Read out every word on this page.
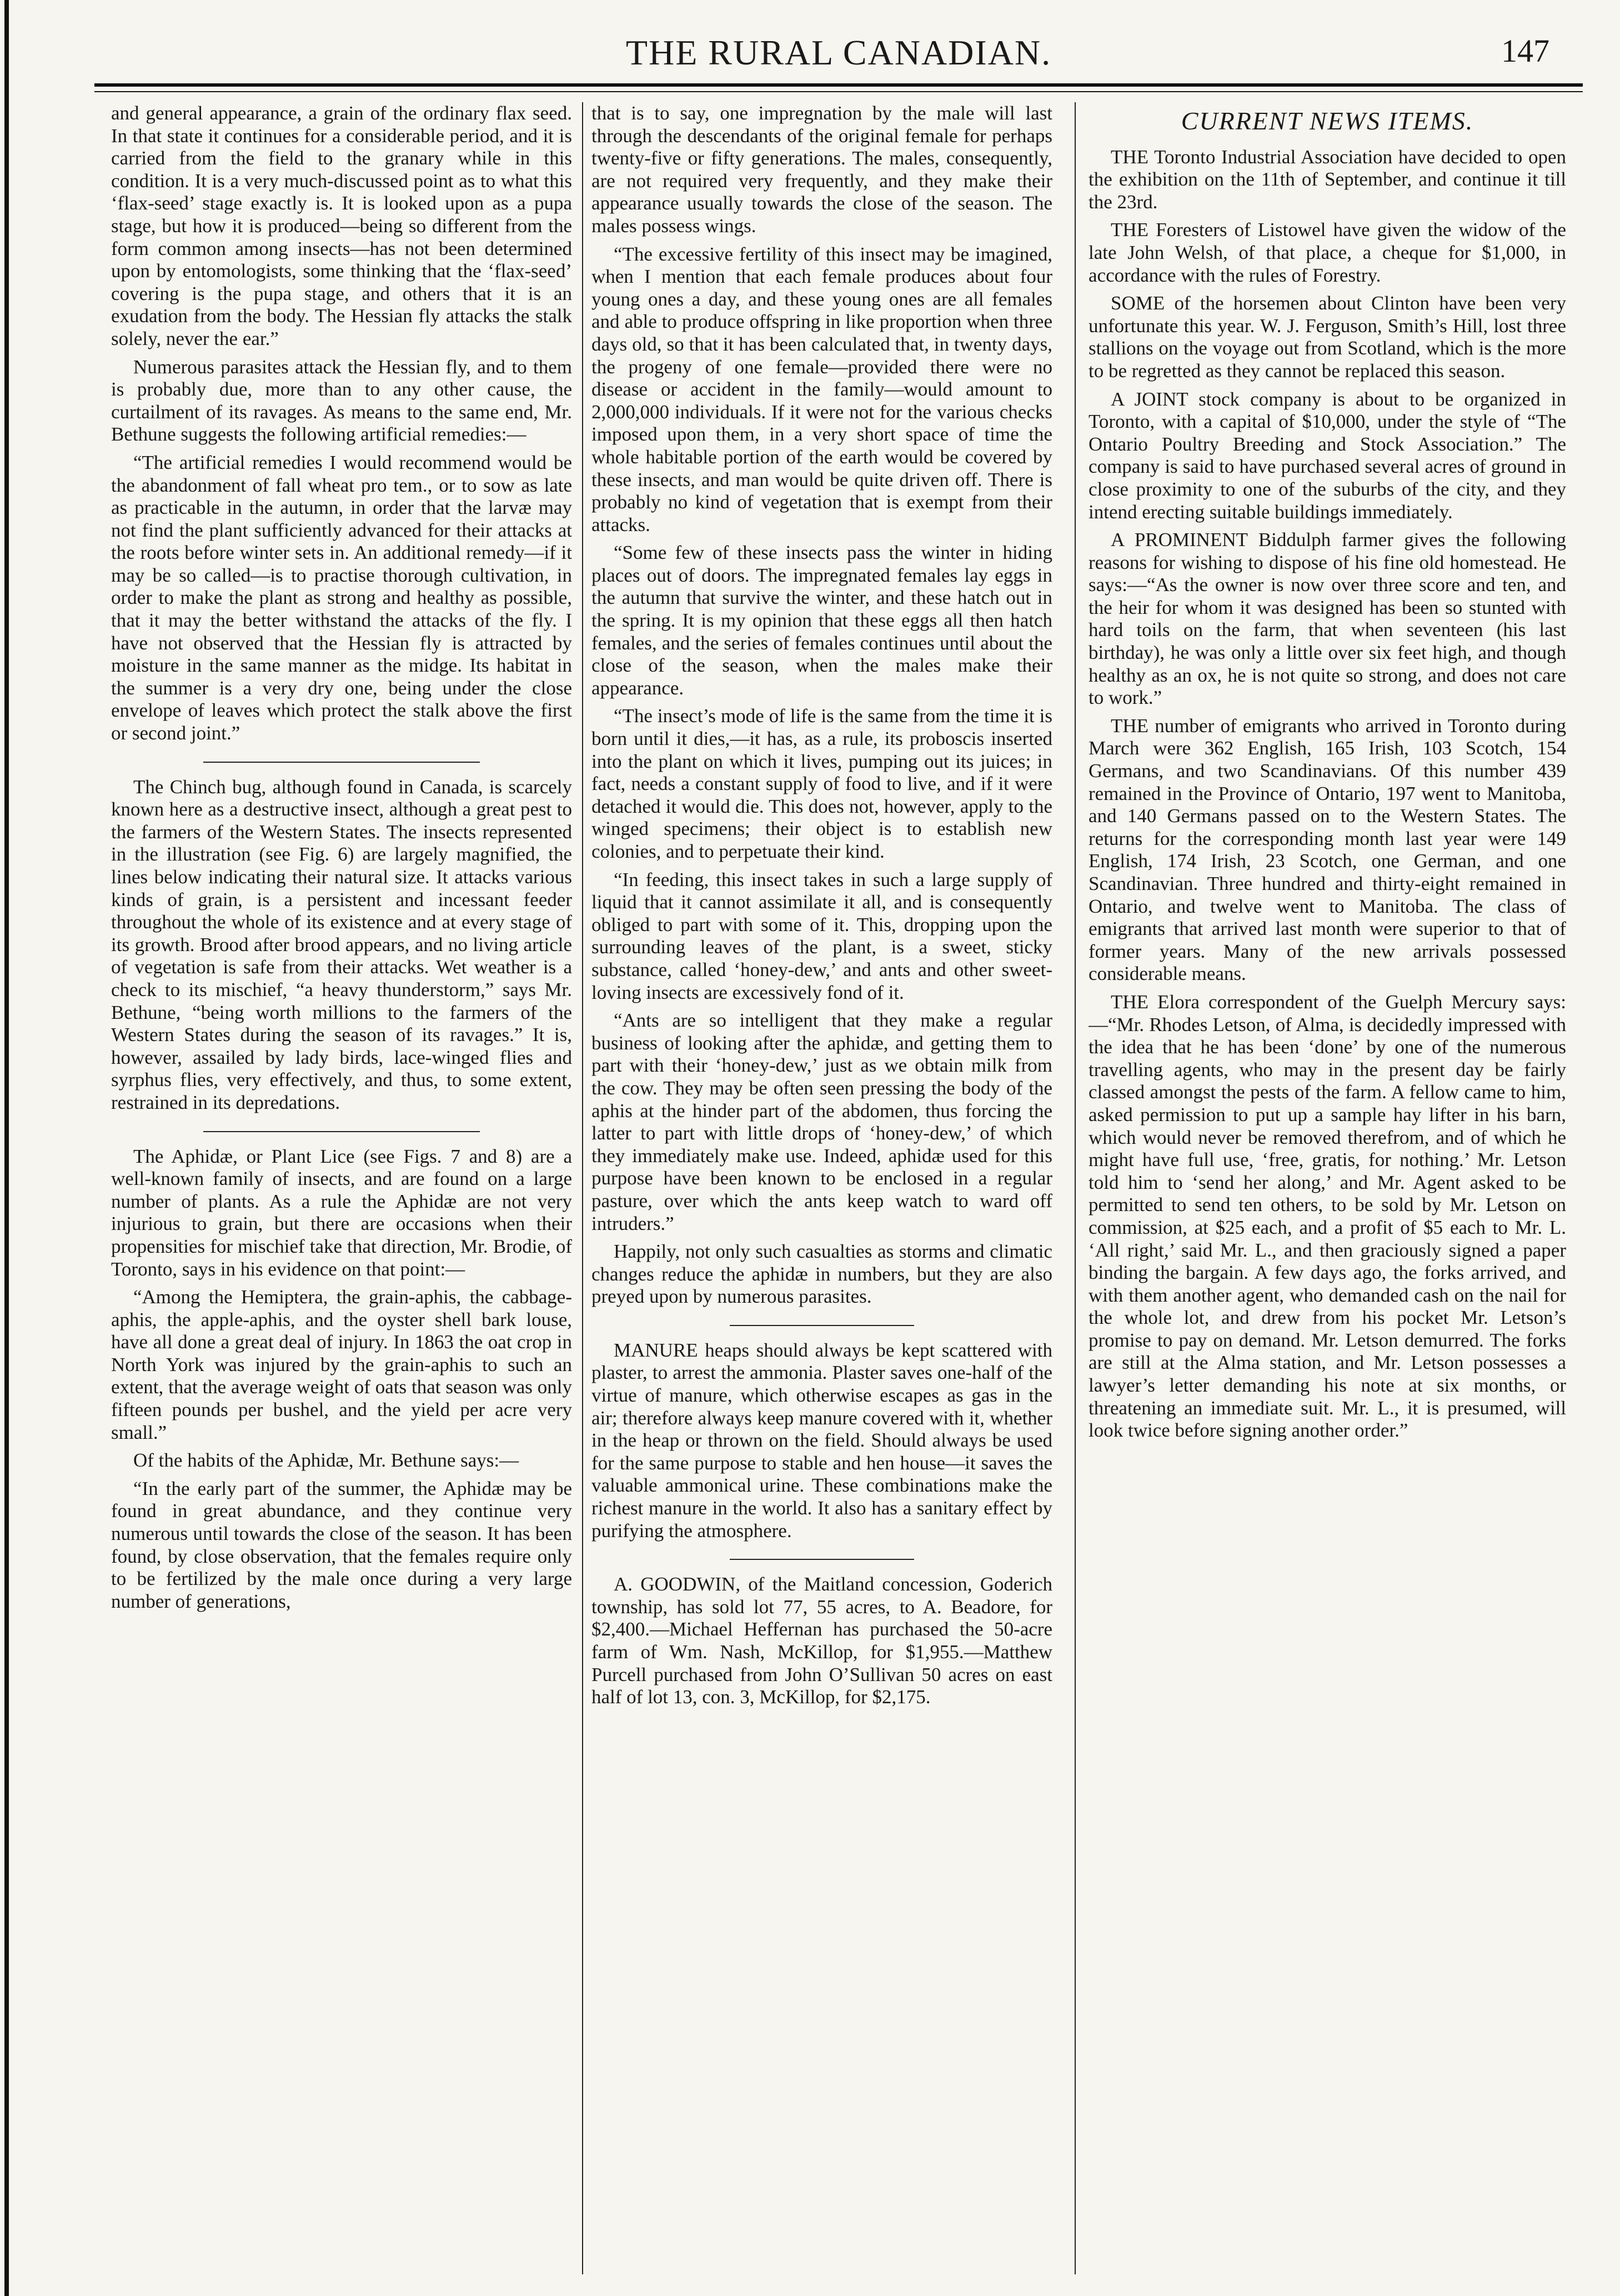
THE RURAL CANADIAN.	147

and general appearance, a grain of the ordinary flax seed. In that state it continues for a considerable period, and it is carried from the field to the granary while in this condition. It is a very much-discussed point as to what this ‘flax-seed’ stage exactly is. It is looked upon as a pupa stage, but how it is produced—being so different from the form common among insects—has not been determined upon by entomologists, some thinking that the ‘flax-seed’ covering is the pupa stage, and others that it is an exudation from the body. The Hessian fly attacks the stalk solely, never the ear.”

Numerous parasites attack the Hessian fly, and to them is probably due, more than to any other cause, the curtailment of its ravages. As means to the same end, Mr. Bethune suggests the following artificial remedies:—

“The artificial remedies I would recommend would be the abandonment of fall wheat pro tem., or to sow as late as practicable in the autumn, in order that the larvæ may not find the plant sufficiently advanced for their attacks at the roots before winter sets in. An additional remedy—if it may be so called—is to practise thorough cultivation, in order to make the plant as strong and healthy as possible, that it may the better withstand the attacks of the fly. I have not observed that the Hessian fly is attracted by moisture in the same manner as the midge. Its habitat in the summer is a very dry one, being under the close envelope of leaves which protect the stalk above the first or second joint.”

The Chinch bug, although found in Canada, is scarcely known here as a destructive insect, although a great pest to the farmers of the Western States. The insects represented in the illustration (see Fig. 6) are largely magnified, the lines below indicating their natural size. It attacks various kinds of grain, is a persistent and incessant feeder throughout the whole of its existence and at every stage of its growth. Brood after brood appears, and no living article of vegetation is safe from their attacks. Wet weather is a check to its mischief, “a heavy thunderstorm,” says Mr. Bethune, “being worth millions to the farmers of the Western States during the season of its ravages.” It is, however, assailed by lady birds, lace-winged flies and syrphus flies, very effectively, and thus, to some extent, restrained in its depredations.

The Aphidæ, or Plant Lice (see Figs. 7 and 8) are a well-known family of insects, and are found on a large number of plants. As a rule the Aphidæ are not very injurious to grain, but there are occasions when their propensities for mischief take that direction, Mr. Brodie, of Toronto, says in his evidence on that point:—

“Among the Hemiptera, the grain-aphis, the cabbage-aphis, the apple-aphis, and the oyster shell bark louse, have all done a great deal of injury. In 1863 the oat crop in North York was injured by the grain-aphis to such an extent, that the average weight of oats that season was only fifteen pounds per bushel, and the yield per acre very small.”

Of the habits of the Aphidæ, Mr. Bethune says:—

“In the early part of the summer, the Aphidæ may be found in great abundance, and they continue very numerous until towards the close of the season. It has been found, by close observation, that the females require only to be fertilized by the male once during a very large number of generations,

that is to say, one impregnation by the male will last through the descendants of the original female for perhaps twenty-five or fifty generations. The males, consequently, are not required very frequently, and they make their appearance usually towards the close of the season. The males possess wings.

“The excessive fertility of this insect may be imagined, when I mention that each female produces about four young ones a day, and these young ones are all females and able to produce offspring in like proportion when three days old, so that it has been calculated that, in twenty days, the progeny of one female—provided there were no disease or accident in the family—would amount to 2,000,000 individuals. If it were not for the various checks imposed upon them, in a very short space of time the whole habitable portion of the earth would be covered by these insects, and man would be quite driven off. There is probably no kind of vegetation that is exempt from their attacks.

“Some few of these insects pass the winter in hiding places out of doors. The impregnated females lay eggs in the autumn that survive the winter, and these hatch out in the spring. It is my opinion that these eggs all then hatch females, and the series of females continues until about the close of the season, when the males make their appearance.

“The insect’s mode of life is the same from the time it is born until it dies,—it has, as a rule, its proboscis inserted into the plant on which it lives, pumping out its juices; in fact, needs a constant supply of food to live, and if it were detached it would die. This does not, however, apply to the winged specimens; their object is to establish new colonies, and to perpetuate their kind.

“In feeding, this insect takes in such a large supply of liquid that it cannot assimilate it all, and is consequently obliged to part with some of it. This, dropping upon the surrounding leaves of the plant, is a sweet, sticky substance, called ‘honey-dew,’ and ants and other sweet-loving insects are excessively fond of it.

“Ants are so intelligent that they make a regular business of looking after the aphidæ, and getting them to part with their ‘honey-dew,’ just as we obtain milk from the cow. They may be often seen pressing the body of the aphis at the hinder part of the abdomen, thus forcing the latter to part with little drops of ‘honey-dew,’ of which they immediately make use. Indeed, aphidæ used for this purpose have been known to be enclosed in a regular pasture, over which the ants keep watch to ward off intruders.”

Happily, not only such casualties as storms and climatic changes reduce the aphidæ in numbers, but they are also preyed upon by numerous parasites.

MANURE heaps should always be kept scattered with plaster, to arrest the ammonia. Plaster saves one-half of the virtue of manure, which otherwise escapes as gas in the air; therefore always keep manure covered with it, whether in the heap or thrown on the field. Should always be used for the same purpose to stable and hen house—it saves the valuable ammonical urine. These combinations make the richest manure in the world. It also has a sanitary effect by purifying the atmosphere.

A. GOODWIN, of the Maitland concession, Goderich township, has sold lot 77, 55 acres, to A. Beadore, for $2,400.—Michael Heffernan has purchased the 50-acre farm of Wm. Nash, McKillop, for $1,955.—Matthew Purcell purchased from John O’Sullivan 50 acres on east half of lot 13, con. 3, McKillop, for $2,175.

CURRENT NEWS ITEMS.

THE Toronto Industrial Association have decided to open the exhibition on the 11th of September, and continue it till the 23rd.

THE Foresters of Listowel have given the widow of the late John Welsh, of that place, a cheque for $1,000, in accordance with the rules of Forestry.

SOME of the horsemen about Clinton have been very unfortunate this year. W. J. Ferguson, Smith’s Hill, lost three stallions on the voyage out from Scotland, which is the more to be regretted as they cannot be replaced this season.

A JOINT stock company is about to be organized in Toronto, with a capital of $10,000, under the style of “The Ontario Poultry Breeding and Stock Association.” The company is said to have purchased several acres of ground in close proximity to one of the suburbs of the city, and they intend erecting suitable buildings immediately.

A PROMINENT Biddulph farmer gives the following reasons for wishing to dispose of his fine old homestead. He says:—“As the owner is now over three score and ten, and the heir for whom it was designed has been so stunted with hard toils on the farm, that when seventeen (his last birthday), he was only a little over six feet high, and though healthy as an ox, he is not quite so strong, and does not care to work.”

THE number of emigrants who arrived in Toronto during March were 362 English, 165 Irish, 103 Scotch, 154 Germans, and two Scandinavians. Of this number 439 remained in the Province of Ontario, 197 went to Manitoba, and 140 Germans passed on to the Western States. The returns for the corresponding month last year were 149 English, 174 Irish, 23 Scotch, one German, and one Scandinavian. Three hundred and thirty-eight remained in Ontario, and twelve went to Manitoba. The class of emigrants that arrived last month were superior to that of former years. Many of the new arrivals possessed considerable means.

THE Elora correspondent of the Guelph Mercury says:—“Mr. Rhodes Letson, of Alma, is decidedly impressed with the idea that he has been ‘done’ by one of the numerous travelling agents, who may in the present day be fairly classed amongst the pests of the farm. A fellow came to him, asked permission to put up a sample hay lifter in his barn, which would never be removed therefrom, and of which he might have full use, ‘free, gratis, for nothing.’ Mr. Letson told him to ‘send her along,’ and Mr. Agent asked to be permitted to send ten others, to be sold by Mr. Letson on commission, at $25 each, and a profit of $5 each to Mr. L. ‘All right,’ said Mr. L., and then graciously signed a paper binding the bargain. A few days ago, the forks arrived, and with them another agent, who demanded cash on the nail for the whole lot, and drew from his pocket Mr. Letson’s promise to pay on demand. Mr. Letson demurred. The forks are still at the Alma station, and Mr. Letson possesses a lawyer’s letter demanding his note at six months, or threatening an immediate suit. Mr. L., it is presumed, will look twice before signing another order.”
